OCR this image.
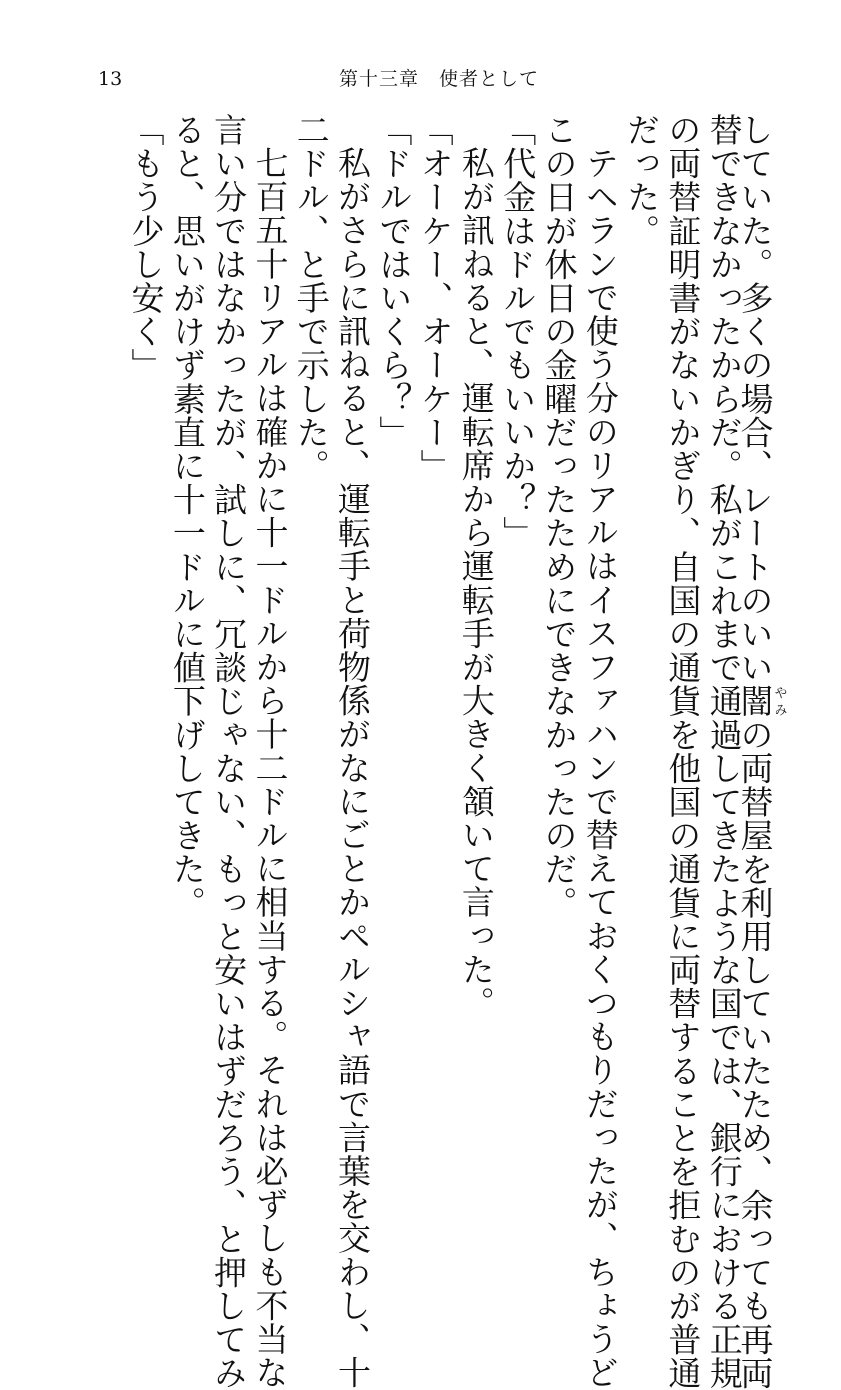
13	第十三章　使者として
していた。多くの場合、レートのいい闇やみの両替屋を利用していたため、余っても再両
替できなかったからだ。私がこれまで通過してきたような国では、銀行における正規
の両替証明書がないかぎり、自国の通貨を他国の通貨に両替することを拒むのが普通
だった。
テヘランで使う分のリアルはイスファハンで替えておくつもりだったが、ちょうど
この日が休日の金曜だったためにできなかったのだ。
「代金はドルでもいいか？」
私が訊ねると、運転席から運転手が大きく頷いて言った。
「オーケー、オーケー」
「ドルではいくら？」
私がさらに訊ねると、運転手と荷物係がなにごとかペルシャ語で言葉を交わし、十
二ドル、と手で示した。
七百五十リアルは確かに十一ドルから十二ドルに相当する。それは必ずしも不当な
言い分ではなかったが、試しに、冗談じゃない、もっと安いはずだろう、と押してみ
ると、思いがけず素直に十一ドルに値下げしてきた。
「もう少し安く」
